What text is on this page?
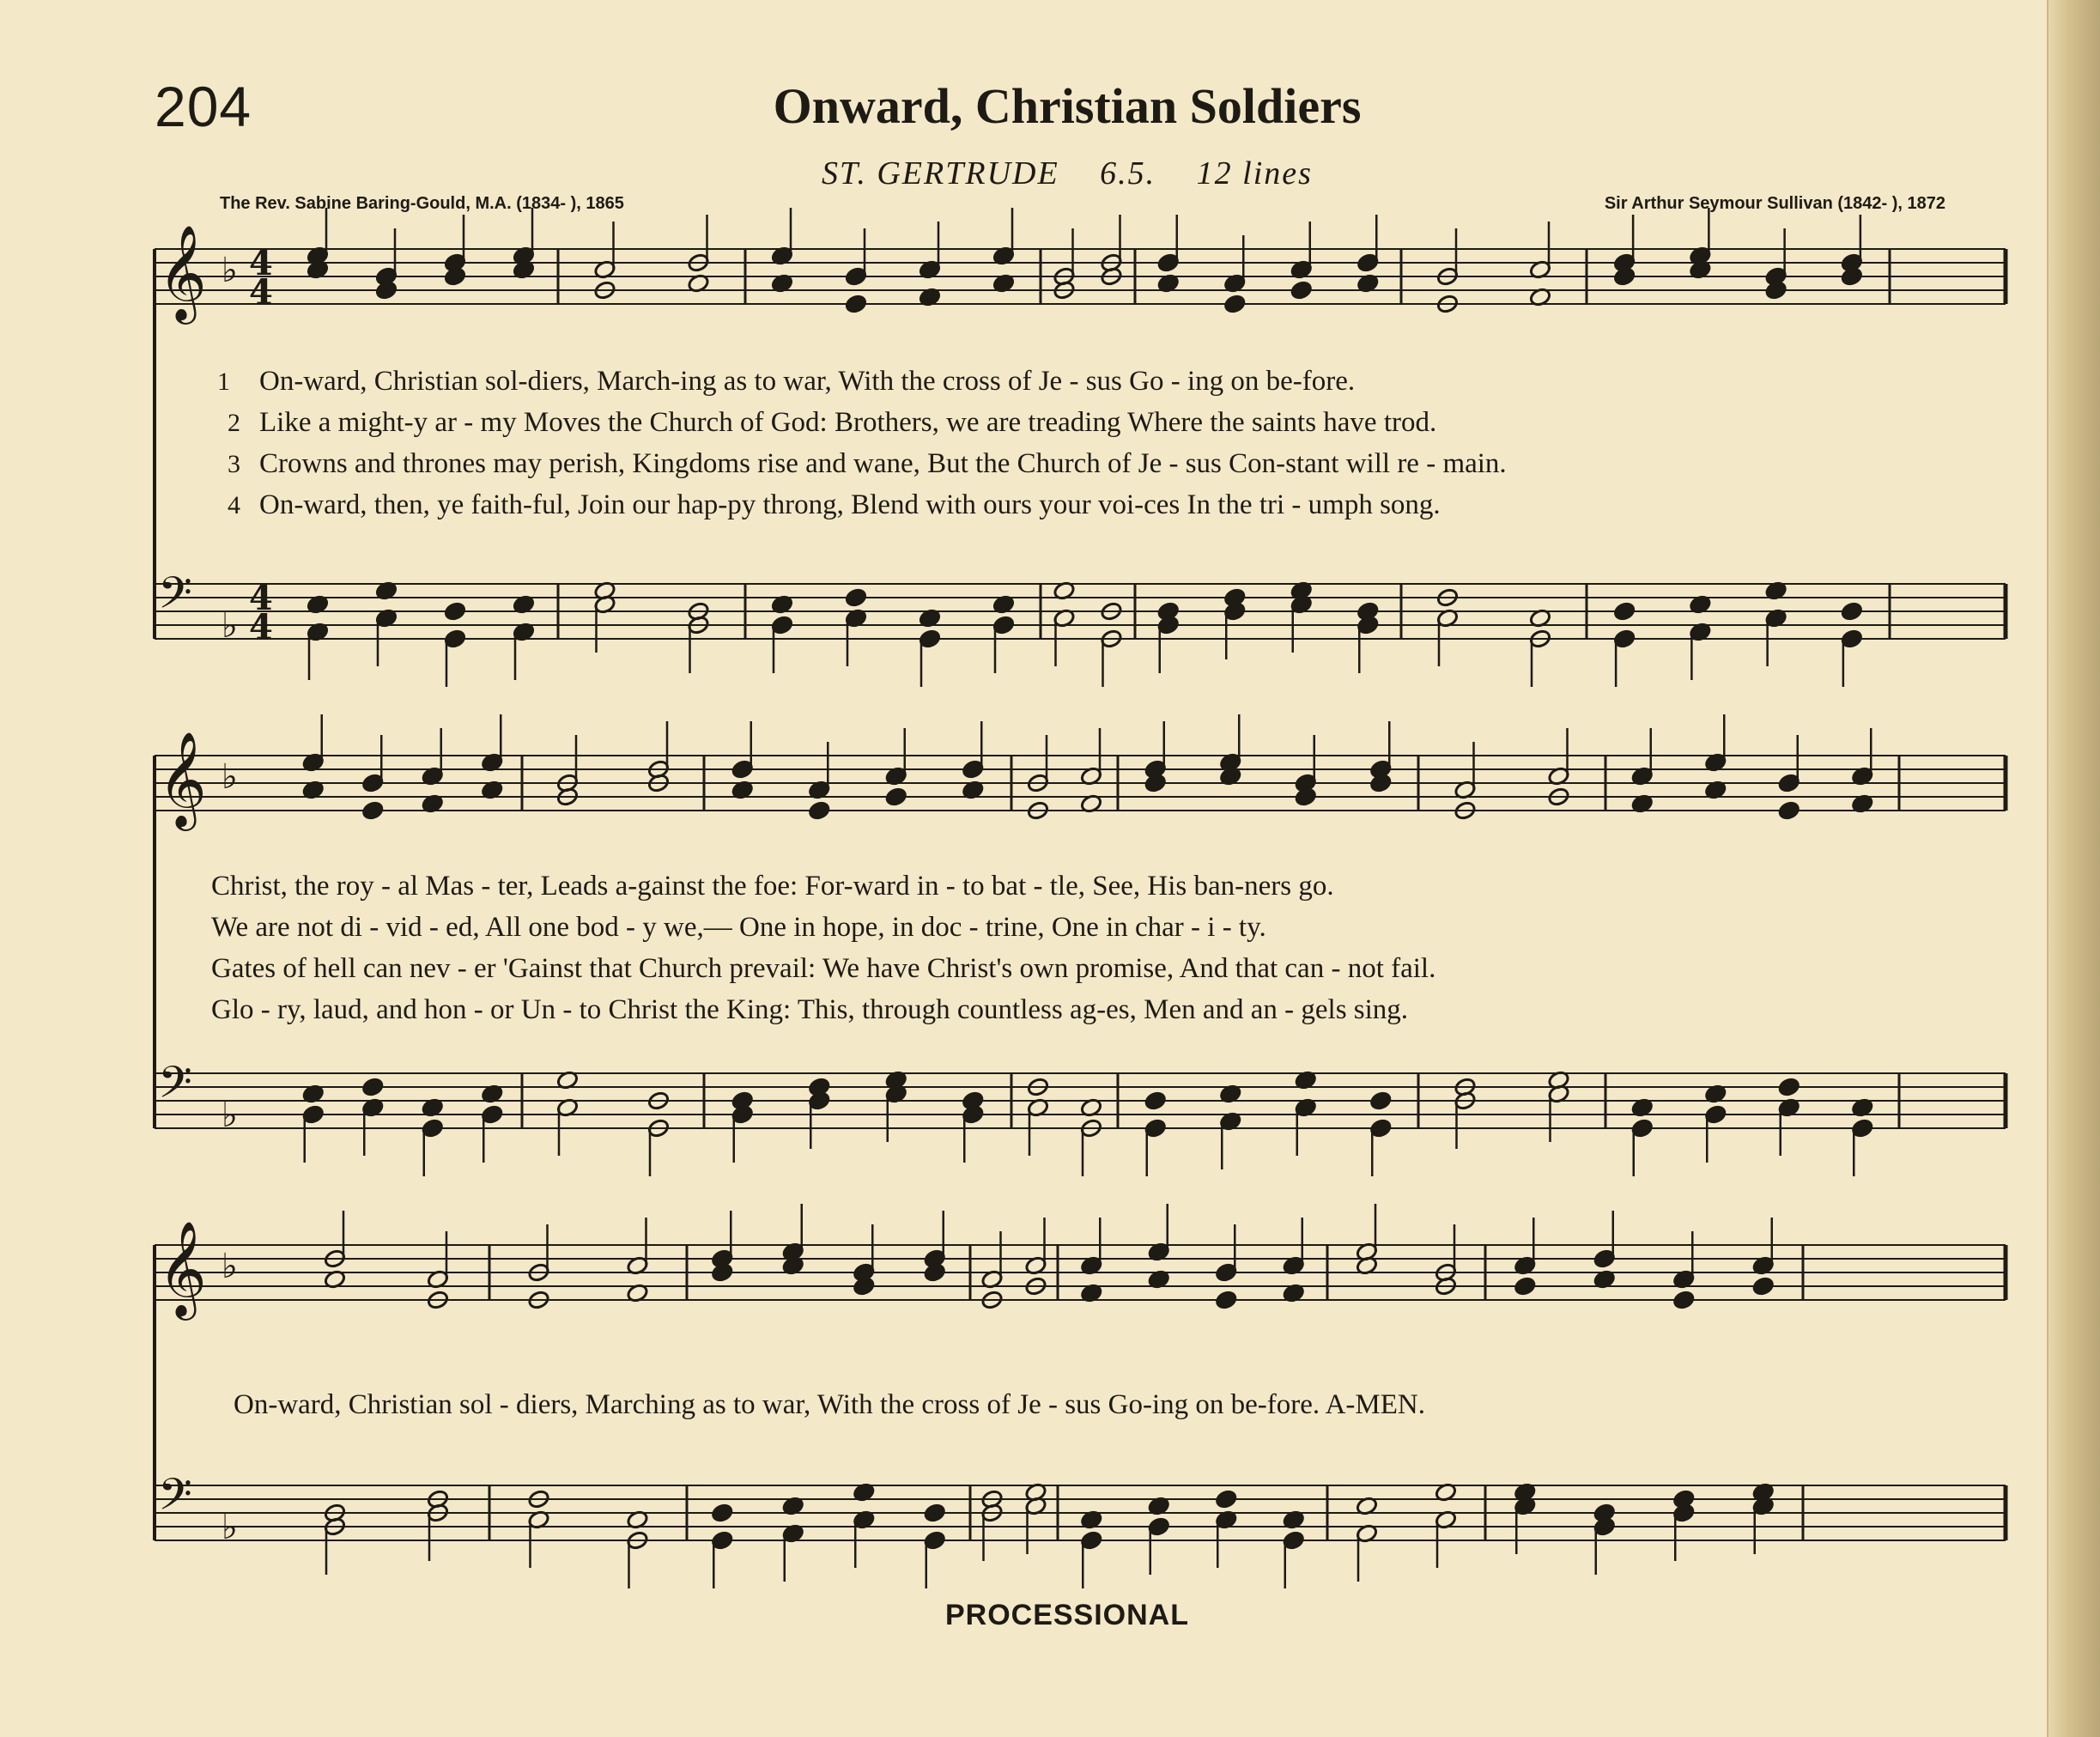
204	Onward, Christian Soldiers
ST. GERTRUDE 6.5. 12 lines
The Rev. Sabine Baring-Gould, M.A. (1834- ), 1865	Sir Arthur Seymour Sullivan (1842- ), 1872
𝄞 ♭ 4
4
𝄢 ♭
4
4
𝄞 ♭
𝄢 ♭
𝄞 ♭
𝄢 ♭
1
2
3
4
On-ward, Christian sol-diers, March-ing as to war, With the cross of Je - sus Go - ing on be-fore.
Like a might-y ar - my Moves the Church of God: Brothers, we are treading Where the saints have trod.
Crowns and thrones may perish, Kingdoms rise and wane, But the Church of Je - sus Con-stant will re - main.
On-ward, then, ye faith-ful, Join our hap-py throng, Blend with ours your voi-ces In the tri - umph song.
Christ, the roy - al Mas - ter, Leads a-gainst the foe: For-ward in - to bat - tle, See, His ban-ners go.
We are not di - vid - ed, All one bod - y we,— One in hope, in doc - trine, One in char - i - ty.
Gates of hell can nev - er 'Gainst that Church prevail: We have Christ's own promise, And that can - not fail.
Glo - ry, laud, and hon - or Un - to Christ the King: This, through countless ag-es, Men and an - gels sing.
On-ward, Christian sol - diers, Marching as to war, With the cross of Je - sus Go-ing on be-fore. A-MEN.
PROCESSIONAL
